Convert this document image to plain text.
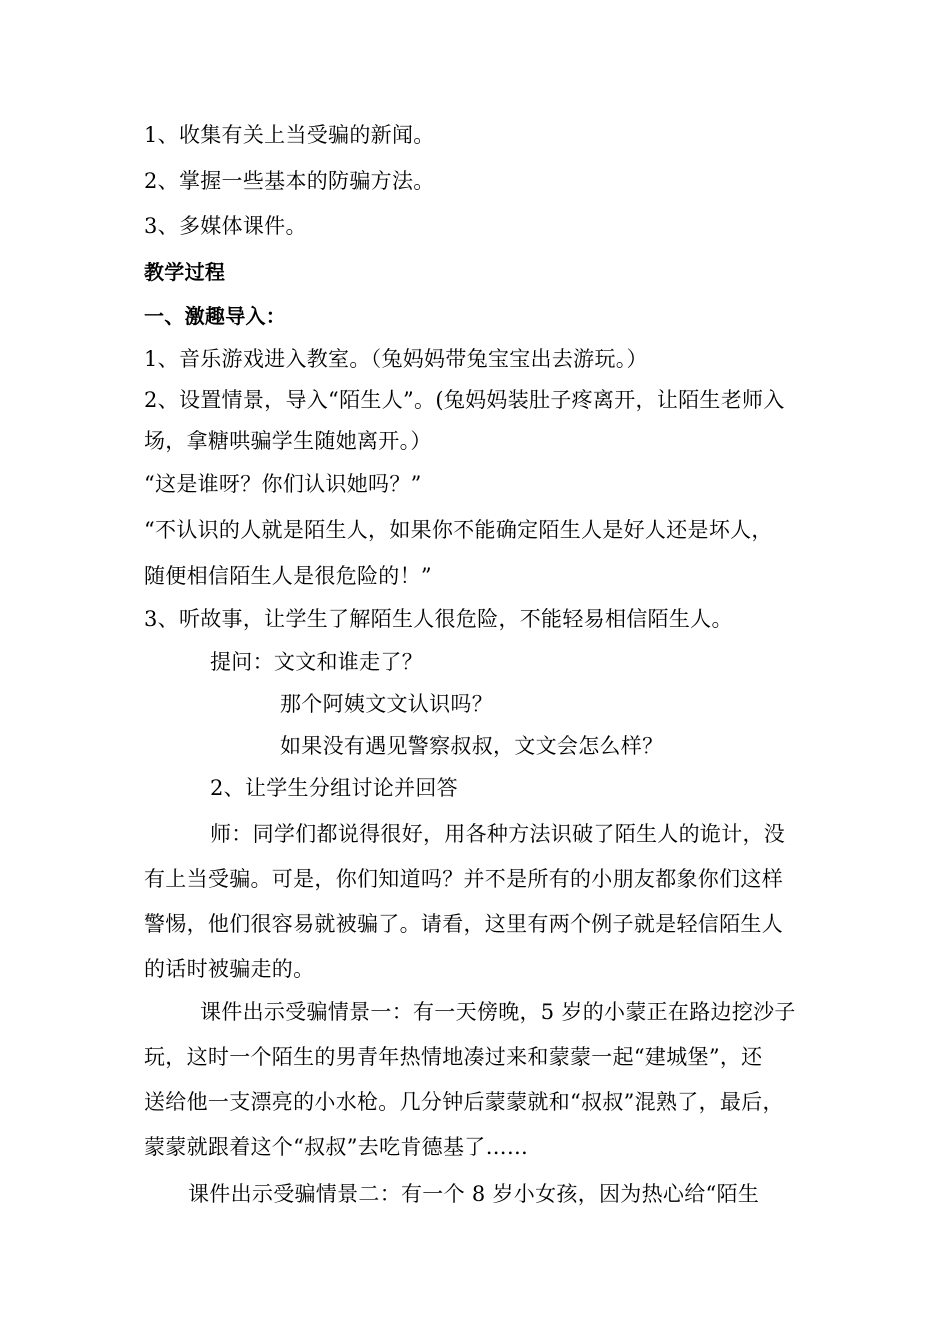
1、收集有关上当受骗的新闻。
2、掌握一些基本的防骗方法。
3、多媒体课件。
教学过程
一、激趣导入：
1、音乐游戏进入教室。（兔妈妈带兔宝宝出去游玩。）
2、设置情景，导入“陌生人”。(兔妈妈装肚子疼离开，让陌生老师入
场，拿糖哄骗学生随她离开。）
“这是谁呀？你们认识她吗？”
“不认识的人就是陌生人，如果你不能确定陌生人是好人还是坏人，
随便相信陌生人是很危险的！”
3、听故事，让学生了解陌生人很危险，不能轻易相信陌生人。
提问：文文和谁走了？
那个阿姨文文认识吗？
如果没有遇见警察叔叔，文文会怎么样？
2、让学生分组讨论并回答
师：同学们都说得很好，用各种方法识破了陌生人的诡计，没
有上当受骗。可是，你们知道吗？并不是所有的小朋友都象你们这样
警惕，他们很容易就被骗了。请看，这里有两个例子就是轻信陌生人
的话时被骗走的。
课件出示受骗情景一：有一天傍晚，5 岁的小蒙正在路边挖沙子
玩，这时一个陌生的男青年热情地凑过来和蒙蒙一起“建城堡”，还
送给他一支漂亮的小水枪。几分钟后蒙蒙就和“叔叔”混熟了，最后，
蒙蒙就跟着这个“叔叔”去吃肯德基了……
课件出示受骗情景二：有一个 8 岁小女孩，因为热心给“陌生
